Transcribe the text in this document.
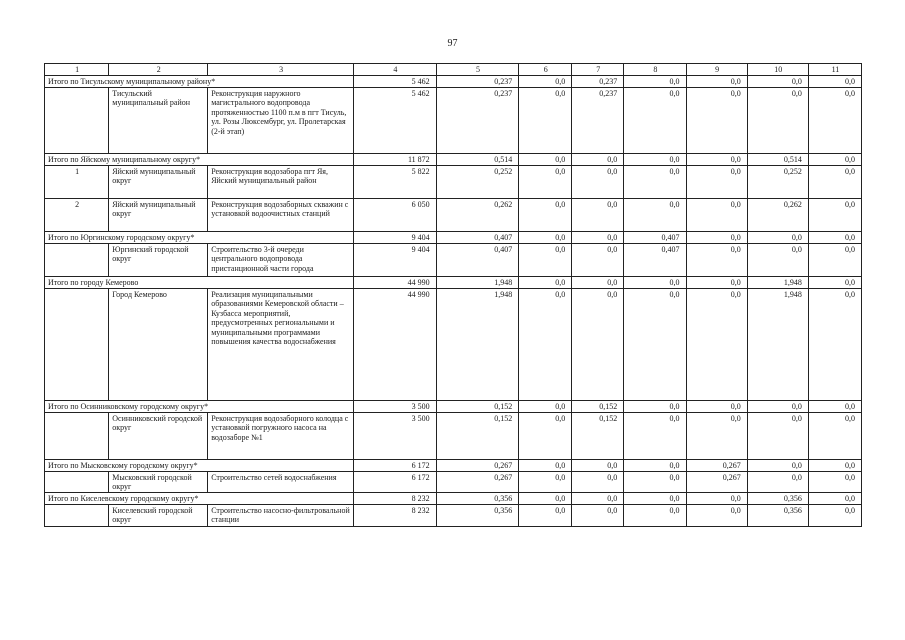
97
1	2	3	4	5	6	7	8	9	10	11
Итого по Тисульскому муниципальному району*			5 462	0,237	0,0	0,237	0,0	0,0	0,0	0,0
	Тисульский муниципальный район	Реконструкция наружного магистрального водопровода протяженностью 1100 п.м в пгт Тисуль, ул. Розы Люксембург, ул. Пролетарская (2-й этап)	5 462	0,237	0,0	0,237	0,0	0,0	0,0	0,0
Итого по Яйскому муниципальному округу*			11 872	0,514	0,0	0,0	0,0	0,0	0,514	0,0
1	Яйский муниципальный округ	Реконструкция водозабора пгт Яя, Яйский муниципальный район	5 822	0,252	0,0	0,0	0,0	0,0	0,252	0,0
2	Яйский муниципальный округ	Реконструкция водозаборных скважин с установкой водоочистных станций	6 050	0,262	0,0	0,0	0,0	0,0	0,262	0,0
Итого по Юргинскому городскому округу*			9 404	0,407	0,0	0,0	0,407	0,0	0,0	0,0
	Юргинский городской округ	Строительство 3-й очереди центрального водопровода пристанционной части города	9 404	0,407	0,0	0,0	0,407	0,0	0,0	0,0
Итого по городу Кемерово			44 990	1,948	0,0	0,0	0,0	0,0	1,948	0,0
	Город Кемерово	Реализация муниципальными образованиями Кемеровской области – Кузбасса мероприятий, предусмотренных региональными и муниципальными программами повышения качества водоснабжения	44 990	1,948	0,0	0,0	0,0	0,0	1,948	0,0
Итого по Осинниковскому городскому округу*			3 500	0,152	0,0	0,152	0,0	0,0	0,0	0,0
	Осинниковский городской округ	Реконструкция водозаборного колодца с установкой погружного насоса на водозаборе №1	3 500	0,152	0,0	0,152	0,0	0,0	0,0	0,0
Итого по Мысковскому городскому округу*			6 172	0,267	0,0	0,0	0,0	0,267	0,0	0,0
	Мысковский городской округ	Строительство сетей водоснабжения	6 172	0,267	0,0	0,0	0,0	0,267	0,0	0,0
Итого по Киселевскому городскому округу*			8 232	0,356	0,0	0,0	0,0	0,0	0,356	0,0
	Киселевский городской округ	Строительство насосно-фильтровальной станции	8 232	0,356	0,0	0,0	0,0	0,0	0,356	0,0
